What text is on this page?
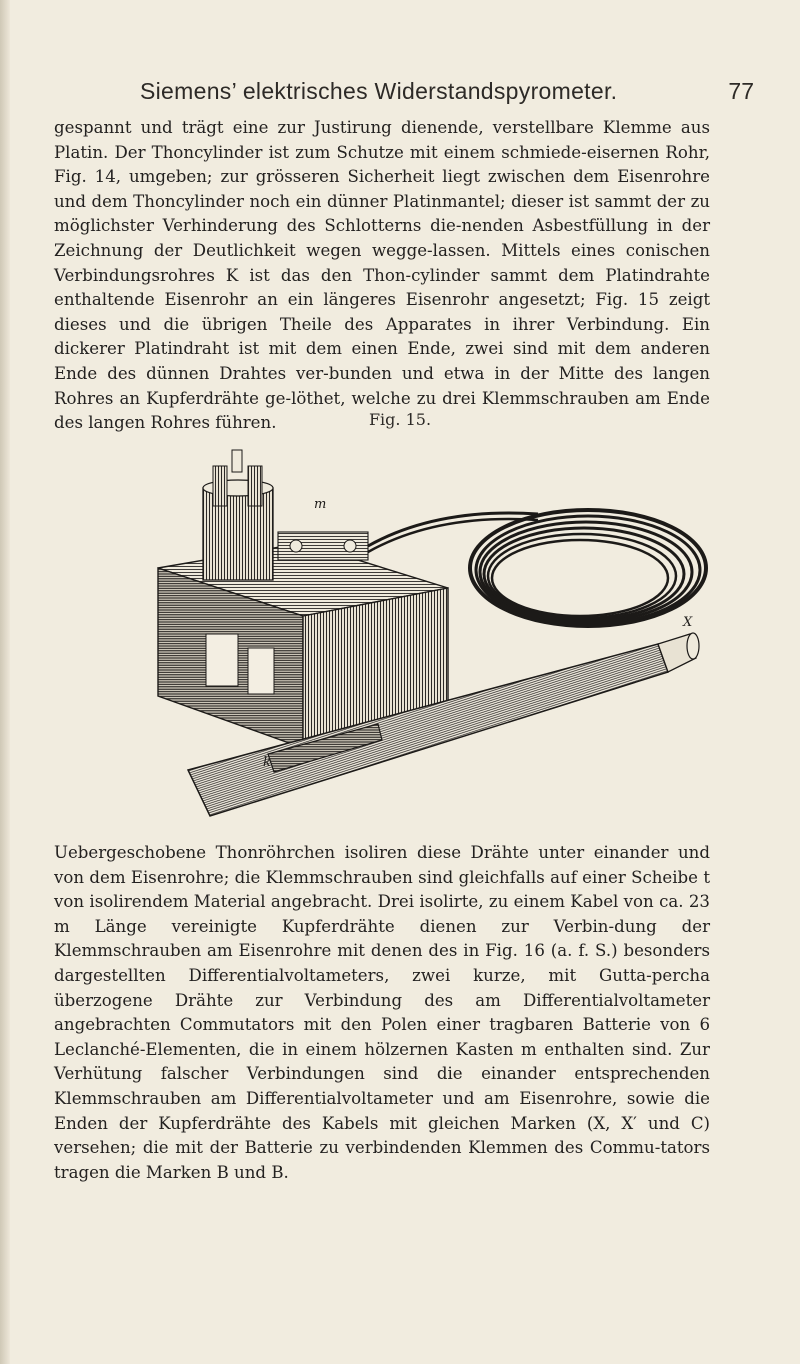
Siemens’ elektrisches Widerstandspyrometer.	77

gespannt und trägt eine zur Justirung dienende, verstellbare Klemme aus Platin. Der Thoncylinder ist zum Schutze mit einem schmiede-eisernen Rohr, Fig. 14, umgeben; zur grösseren Sicherheit liegt zwischen dem Eisenrohre und dem Thoncylinder noch ein dünner Platinmantel; dieser ist sammt der zu möglichster Verhinderung des Schlotterns die-nenden Asbestfüllung in der Zeichnung der Deutlichkeit wegen wegge-lassen. Mittels eines conischen Verbindungsrohres K ist das den Thon-cylinder sammt dem Platindrahte enthaltende Eisenrohr an ein längeres Eisenrohr angesetzt; Fig. 15 zeigt dieses und die übrigen Theile des Apparates in ihrer Verbindung. Ein dickerer Platindraht ist mit dem einen Ende, zwei sind mit dem anderen Ende des dünnen Drahtes ver-bunden und etwa in der Mitte des langen Rohres an Kupferdrähte ge-löthet, welche zu drei Klemmschrauben am Ende des langen Rohres führen.	Fig. 15.
m
k
X

Uebergeschobene Thonröhrchen isoliren diese Drähte unter einander und von dem Eisenrohre; die Klemmschrauben sind gleichfalls auf einer Scheibe t von isolirendem Material angebracht. Drei isolirte, zu einem Kabel von ca. 23 m Länge vereinigte Kupferdrähte dienen zur Verbin-dung der Klemmschrauben am Eisenrohre mit denen des in Fig. 16 (a. f. S.) besonders dargestellten Differentialvoltameters, zwei kurze, mit Gutta-percha überzogene Drähte zur Verbindung des am Differentialvoltameter angebrachten Commutators mit den Polen einer tragbaren Batterie von 6 Leclanché-Elementen, die in einem hölzernen Kasten m enthalten sind. Zur Verhütung falscher Verbindungen sind die einander entsprechenden Klemmschrauben am Differentialvoltameter und am Eisenrohre, sowie die Enden der Kupferdrähte des Kabels mit gleichen Marken (X, X′ und C) versehen; die mit der Batterie zu verbindenden Klemmen des Commu-tators tragen die Marken B und B.
